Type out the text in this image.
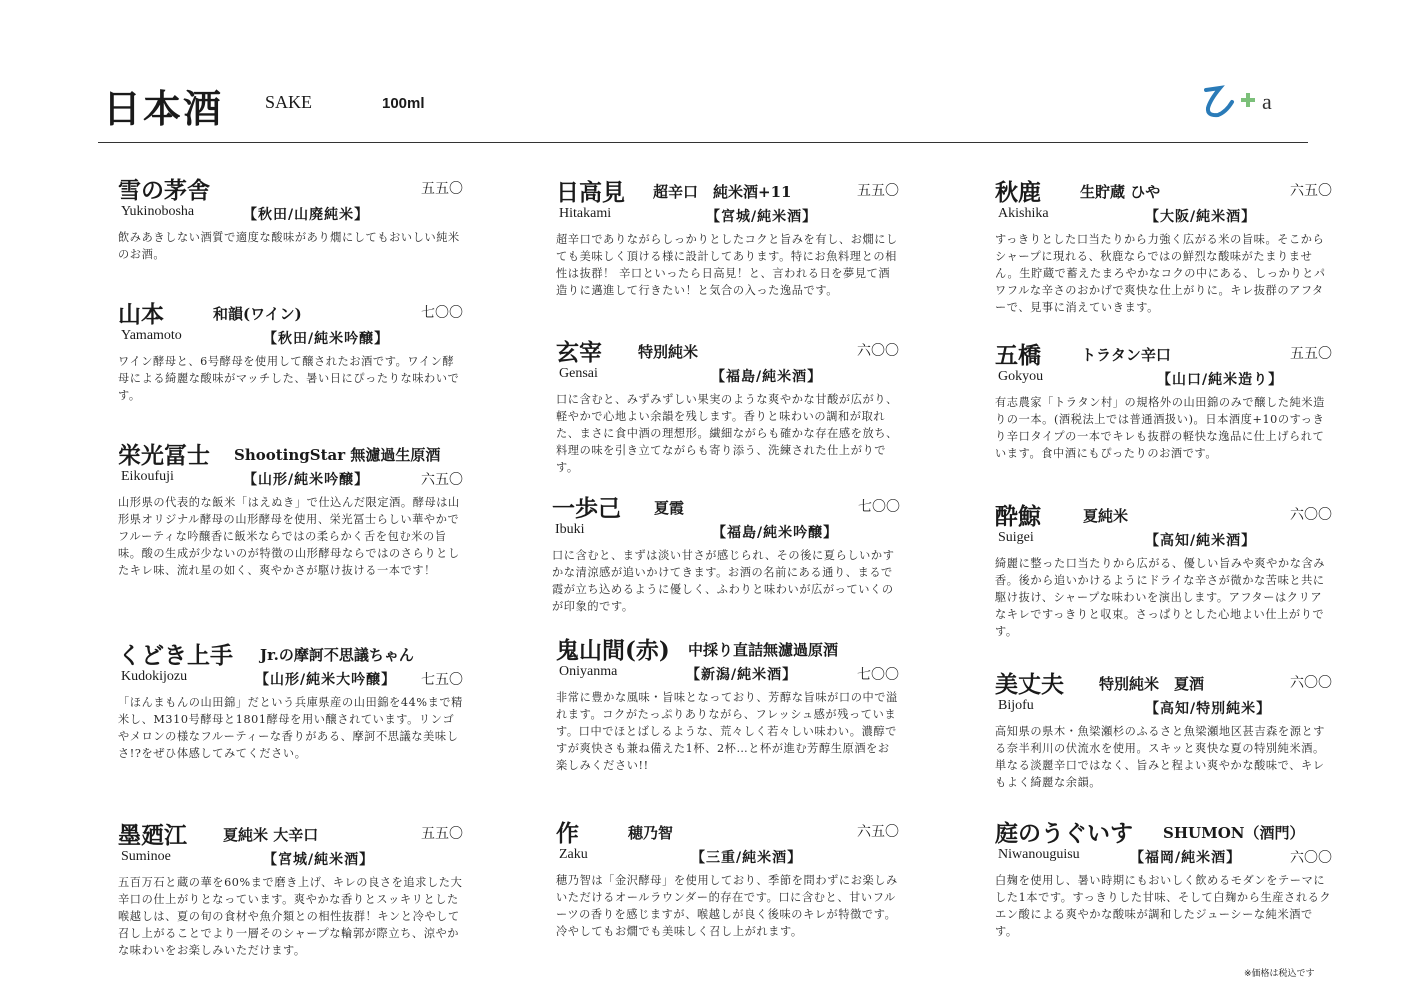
日本酒 SAKE	100ml	a
雪の茅舎	五五〇
Yukinobosha	【秋田/山廃純米】
飲みあきしない酒質で適度な酸味があり燗にしてもおいしい純米のお酒。
山本	和韻(ワイン)	七〇〇
Yamamoto	【秋田/純米吟醸】
ワイン酵母と、6号酵母を使用して醸されたお酒です。ワイン酵母による綺麗な酸味がマッチした、暑い日にぴったりな味わいです。
栄光冨士 ShootingStar 無濾過生原酒
Eikoufuji	【山形/純米吟醸】	六五〇
山形県の代表的な飯米「はえぬき」で仕込んだ限定酒。酵母は山形県オリジナル酵母の山形酵母を使用、栄光冨士らしい華やかでフルーティな吟醸香に飯米ならではの柔らかく舌を包む米の旨味。酸の生成が少ないのが特徴の山形酵母ならではのさらりとしたキレ味、流れ星の如く、爽やかさが駆け抜ける一本です！
くどき上手 Jr.の摩訶不思議ちゃん
Kudokijozu	【山形/純米大吟醸】 七五〇
「ほんまもんの山田錦」だという兵庫県産の山田錦を44%まで精米し、M310号酵母と1801酵母を用い醸されています。リンゴやメロンの様なフルーティーな香りがある、摩訶不思議な美味しさ!?をぜひ体感してみてください。
墨廼江 夏純米 大辛口	五五〇
Suminoe	【宮城/純米酒】
五百万石と蔵の華を60%まで磨き上げ、キレの良さを追求した大辛口の仕上がりとなっています。爽やかな香りとスッキリとした喉越しは、夏の旬の食材や魚介類との相性抜群！キンと冷やして召し上がることでより一層そのシャープな輪郭が際立ち、涼やかな味わいをお楽しみいただけます。
日高見 超辛口　純米酒+11	五五〇
Hitakami	【宮城/純米酒】
超辛口でありながらしっかりとしたコクと旨みを有し、お燗にしても美味しく頂ける様に設計してあります。特にお魚料理との相性は抜群！ 辛口といったら日高見！と、言われる日を夢見て酒造りに邁進して行きたい！と気合の入った逸品です。
玄宰 特別純米	六〇〇
Gensai	【福島/純米酒】
口に含むと、みずみずしい果実のような爽やかな甘酸が広がり、軽やかで心地よい余韻を残します。香りと味わいの調和が取れた、まさに食中酒の理想形。繊細ながらも確かな存在感を放ち、料理の味を引き立てながらも寄り添う、洗練された仕上がりです。
一歩己 夏霞	七〇〇
Ibuki	【福島/純米吟醸】
口に含むと、まずは淡い甘さが感じられ、その後に夏らしいかすかな清涼感が追いかけてきます。お酒の名前にある通り、まるで霞が立ち込めるように優しく、ふわりと味わいが広がっていくのが印象的です。
鬼山間(赤) 中採り直詰無濾過原酒
Oniyanma	【新潟/純米酒】	七〇〇
非常に豊かな風味・旨味となっており、芳醇な旨味が口の中で溢れます。コクがたっぷりありながら、フレッシュ感が残っています。口中でほとばしるような、荒々しく若々しい味わい。濃醇ですが爽快さも兼ね備えた1杯、2杯…と杯が進む芳醇生原酒をお楽しみください!!
作	穂乃智	六五〇
Zaku	【三重/純米酒】
穂乃智は「金沢酵母」を使用しており、季節を問わずにお楽しみいただけるオールラウンダー的存在です。口に含むと、甘いフルーツの香りを感じますが、喉越しが良く後味のキレが特徴です。冷やしてもお燗でも美味しく召し上がれます。
秋鹿	生貯蔵 ひや	六五〇
Akishika	【大阪/純米酒】
すっきりとした口当たりから力強く広がる米の旨味。そこからシャープに現れる、秋鹿ならではの鮮烈な酸味がたまりません。生貯蔵で蓄えたまろやかなコクの中にある、しっかりとパワフルな辛さのおかげで爽快な仕上がりに。キレ抜群のアフターで、見事に消えていきます。
五橋	トラタン辛口	五五〇
Gokyou	【山口/純米造り】
有志農家「トラタン村」の規格外の山田錦のみで醸した純米造りの一本。(酒税法上では普通酒扱い)。日本酒度+10のすっきり辛口タイプの一本でキレも抜群の軽快な逸品に仕上げられています。食中酒にもぴったりのお酒です。
酔鯨	夏純米	六〇〇
Suigei	【高知/純米酒】
綺麗に整った口当たりから広がる、優しい旨みや爽やかな含み香。後から追いかけるようにドライな辛さが微かな苦味と共に駆け抜け、シャープな味わいを演出します。アフターはクリアなキレですっきりと収束。さっぱりとした心地よい仕上がりです。
美丈夫 特別純米　夏酒	六〇〇
Bijofu	【高知/特別純米】
高知県の県木・魚梁瀬杉のふるさと魚梁瀬地区甚吉森を源とする奈半利川の伏流水を使用。スキッと爽快な夏の特別純米酒。単なる淡麗辛口ではなく、旨みと程よい爽やかな酸味で、キレもよく綺麗な余韻。
庭のうぐいす SHUMON（酒門）
Niwanouguisu	【福岡/純米酒】	六〇〇
白麹を使用し、暑い時期にもおいしく飲めるモダンをテーマにした1本です。すっきりした甘味、そして白麹から生産されるクエン酸による爽やかな酸味が調和したジューシーな純米酒です。
※価格は税込です
